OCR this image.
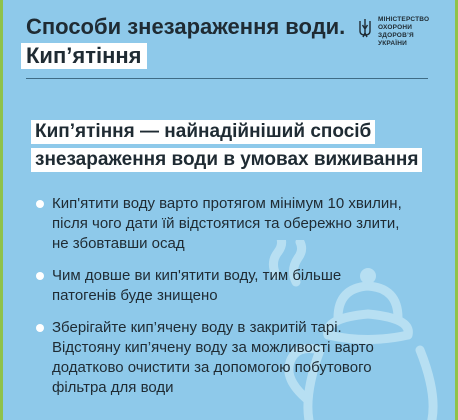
Способи знезараження води.
Кип’ятіння
МІНІСТЕРСТВО
ОХОРОНИ
ЗДОРОВ’Я
УКРАЇНИ
Кип’ятіння — найнадійніший спосіб
знезараження води в умовах виживання
Кип'ятити воду варто протягом мінімум 10 хвилин,
після чого дати їй відстоятися та обережно злити,
не збовтавши осад
Чим довше ви кип'ятити воду, тим більше
патогенів буде знищено
Зберігайте кип’ячену воду в закритій тарі.
Відстояну кип’ячену воду за можливості варто
додатково очистити за допомогою побутового
фільтра для води
